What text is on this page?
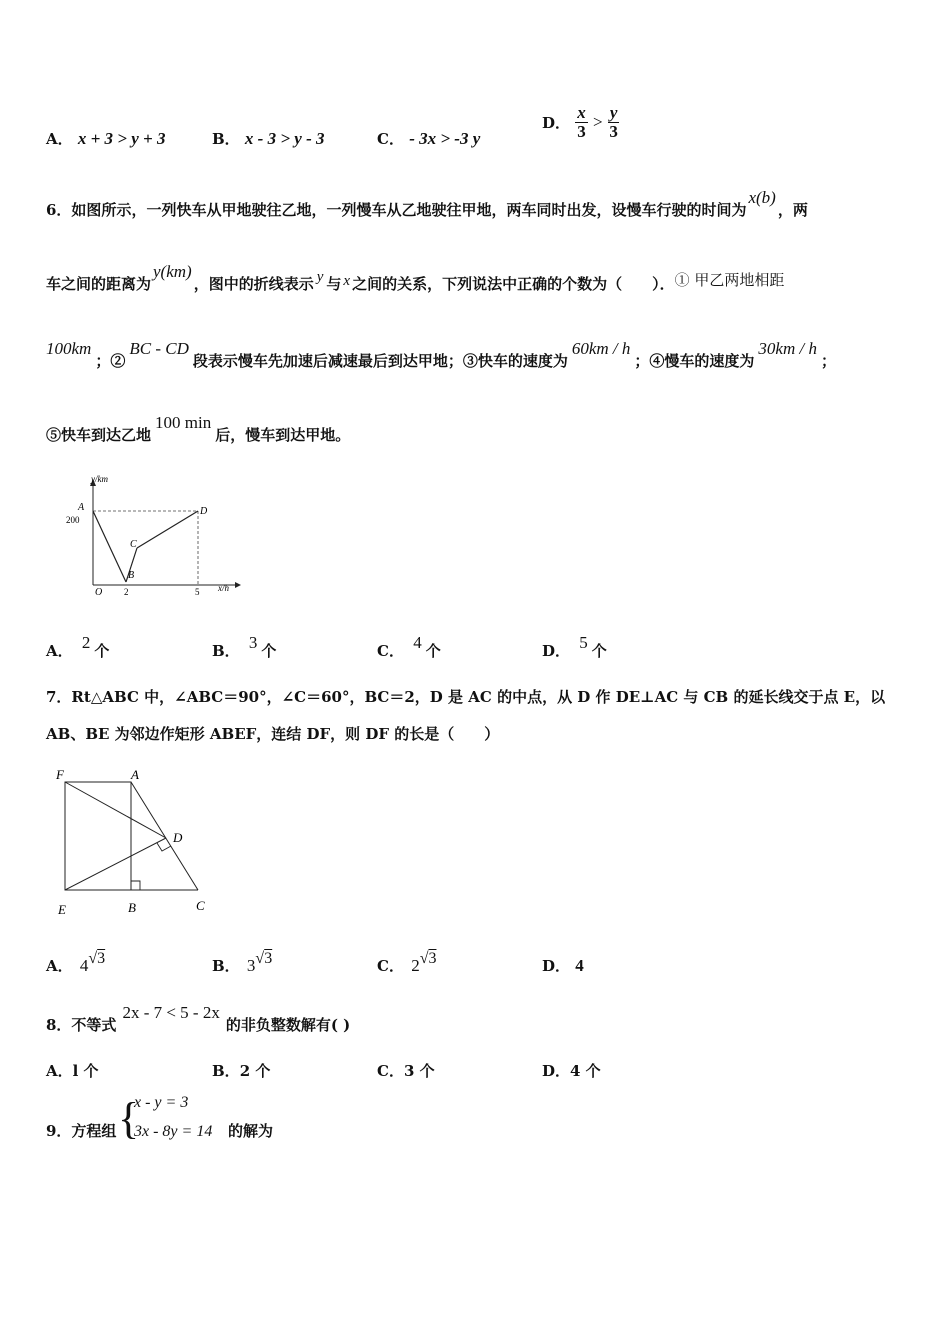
A． x + 3 > y + 3	B． x - 3 > y - 3	C． - 3x > -3 y
D． $\frac{x}{3} > \frac{y}{3}$
6．如图所示，一列快车从甲地驶往乙地，一列慢车从乙地驶往甲地，两车同时出发，设慢车行驶的时间为x(b)，两
车之间的距离为y(km)，图中的折线表示 y 与 x 之间的关系，下列说法中正确的个数为（　　）．① 甲乙两地相距
100km；②BC - CD段表示慢车先加速后减速最后到达甲地；③快车的速度为60km / h；④慢车的速度为30km / h；
⑤快车到达乙地100 min后，慢车到达甲地。
y/km
x/h
200
2	5
A
B
C
D
O
A． 2 个	B． 3 个	C． 4 个	D． 5 个
7．Rt△ABC 中，∠ABC＝90°，∠C＝60°，BC＝2，D 是 AC 的中点，从 D 作 DE⊥AC 与 CB 的延长线交于点 E，以
AB、BE 为邻边作矩形 ABEF，连结 DF，则 DF 的长是（　　）
F	A
D
E	B	C
A． 4√3	B． 3√3	C． 2√3	D． 4
8．不等式2x - 7 < 5 - 2x的非负整数解有( )
A．l 个	B．2 个	C．3 个	D．4 个
9．方程组 {
x - y = 3
3x - 8y = 14 的解为
